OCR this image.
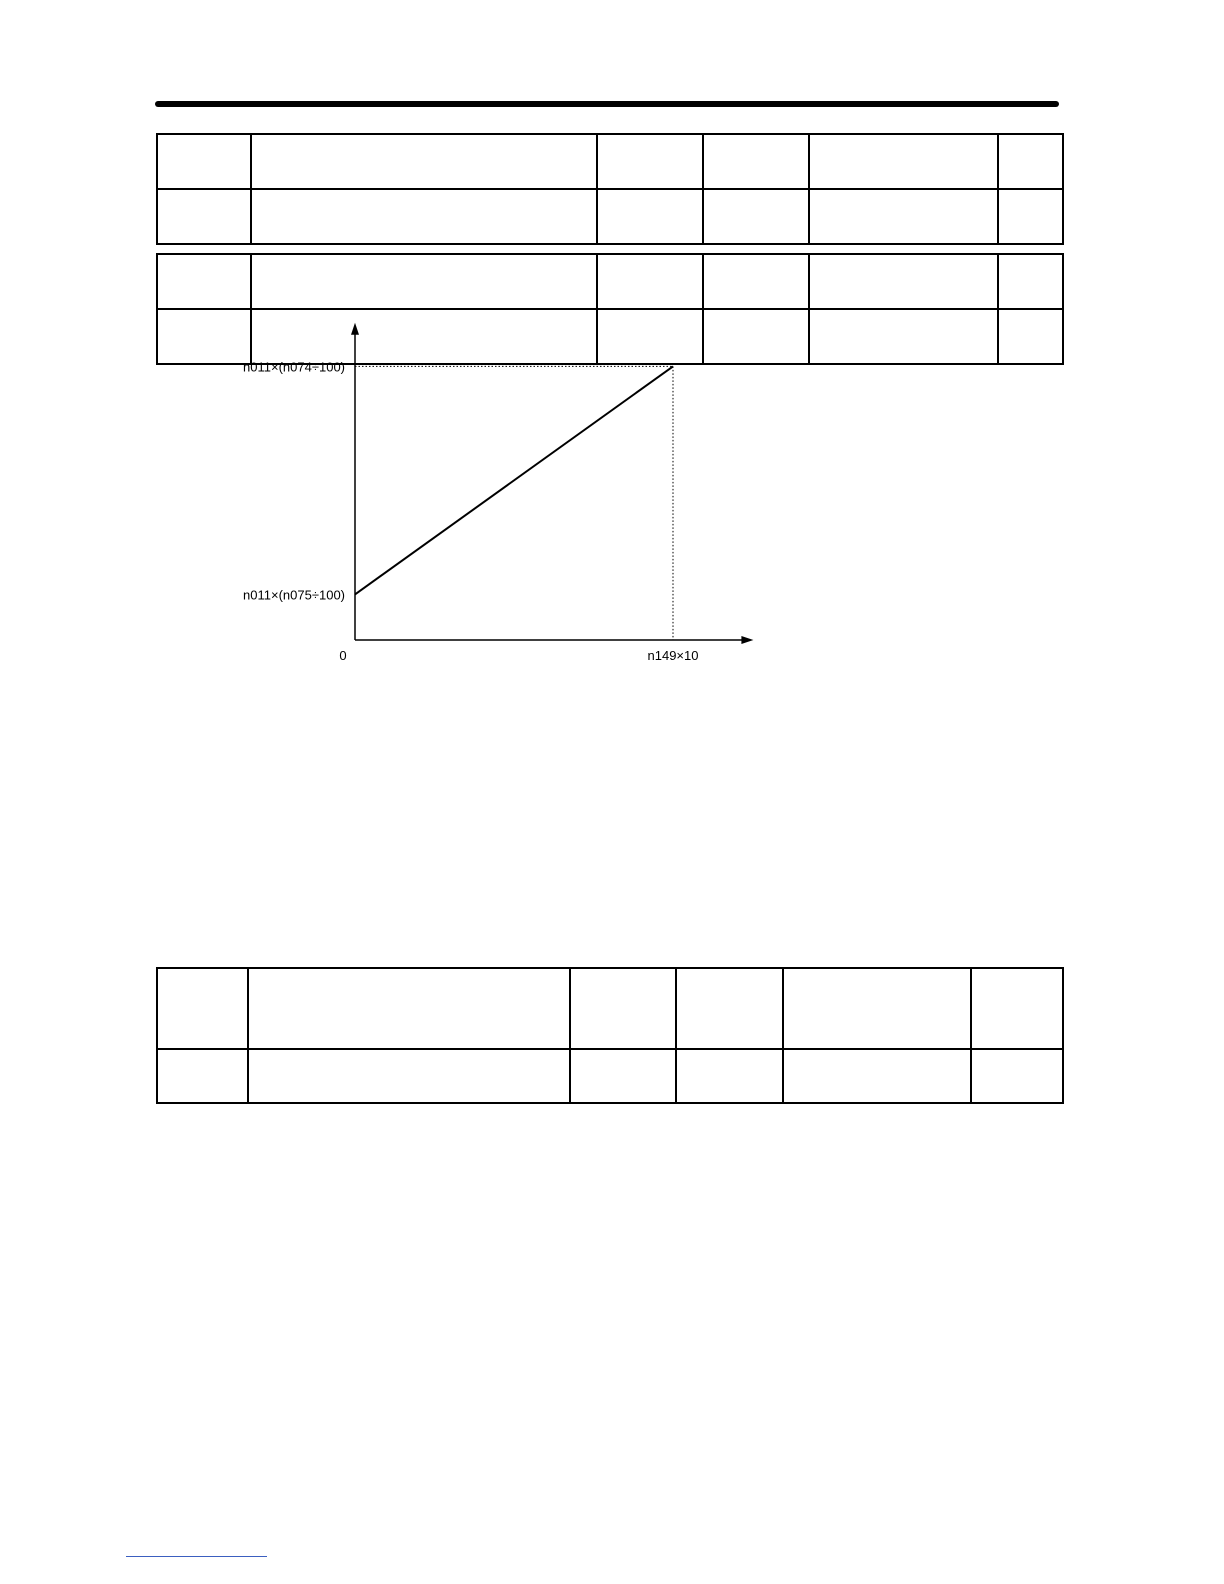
n011×(n075÷100)
n011×(n074÷100)
0	n149×10
